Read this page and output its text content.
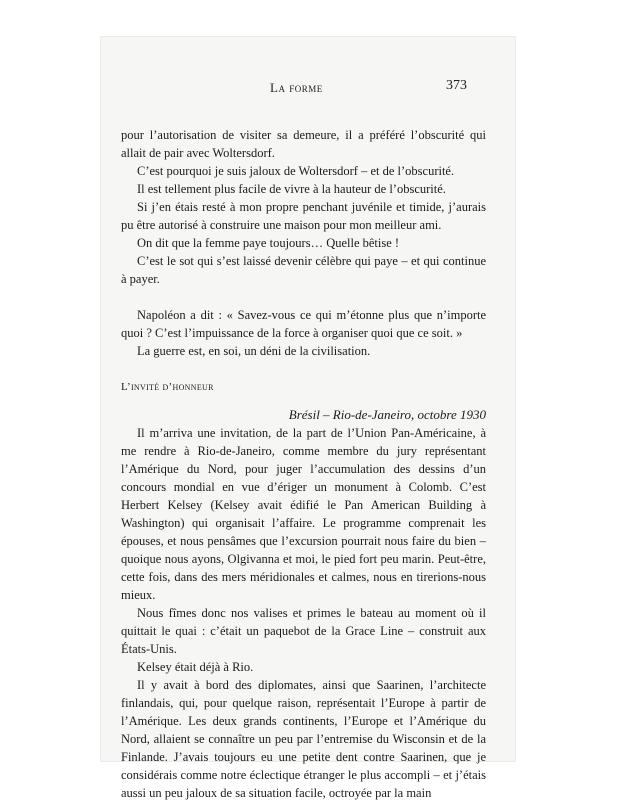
La forme	373

pour l’autorisation de visiter sa demeure, il a préféré l’obscurité qui allait de pair avec Woltersdorf.

C’est pourquoi je suis jaloux de Woltersdorf – et de l’obscurité.

Il est tellement plus facile de vivre à la hauteur de l’obscurité.

Si j’en étais resté à mon propre penchant juvénile et timide, j’aurais pu être autorisé à construire une maison pour mon meilleur ami.

On dit que la femme paye toujours… Quelle bêtise !

C’est le sot qui s’est laissé devenir célèbre qui paye – et qui continue à payer.

Napoléon a dit : « Savez-vous ce qui m’étonne plus que n’importe quoi ? C’est l’impuissance de la force à organiser quoi que ce soit. »

La guerre est, en soi, un déni de la civilisation.

L’invité d’honneur
Brésil – Rio-de-Janeiro, octobre 1930

Il m’arriva une invitation, de la part de l’Union Pan-Américaine, à me rendre à Rio-de-Janeiro, comme membre du jury représentant l’Amérique du Nord, pour juger l’accumulation des dessins d’un concours mondial en vue d’ériger un monument à Colomb. C’est Herbert Kelsey (Kelsey avait édifié le Pan American Building à Washington) qui organisait l’affaire. Le programme comprenait les épouses, et nous pensâmes que l’excursion pourrait nous faire du bien – quoique nous ayons, Olgivanna et moi, le pied fort peu marin. Peut-être, cette fois, dans des mers méridionales et calmes, nous en tirerions-nous mieux.

Nous fîmes donc nos valises et primes le bateau au moment où il quittait le quai : c’était un paquebot de la Grace Line – construit aux États-Unis.

Kelsey était déjà à Rio.

Il y avait à bord des diplomates, ainsi que Saarinen, l’architecte finlandais, qui, pour quelque raison, représentait l’Europe à partir de l’Amérique. Les deux grands continents, l’Europe et l’Amérique du Nord, allaient se connaître un peu par l’entremise du Wisconsin et de la Finlande. J’avais toujours eu une petite dent contre Saarinen, que je considérais comme notre éclectique étranger le plus accompli – et j’étais aussi un peu jaloux de sa situation facile, octroyée par la main
